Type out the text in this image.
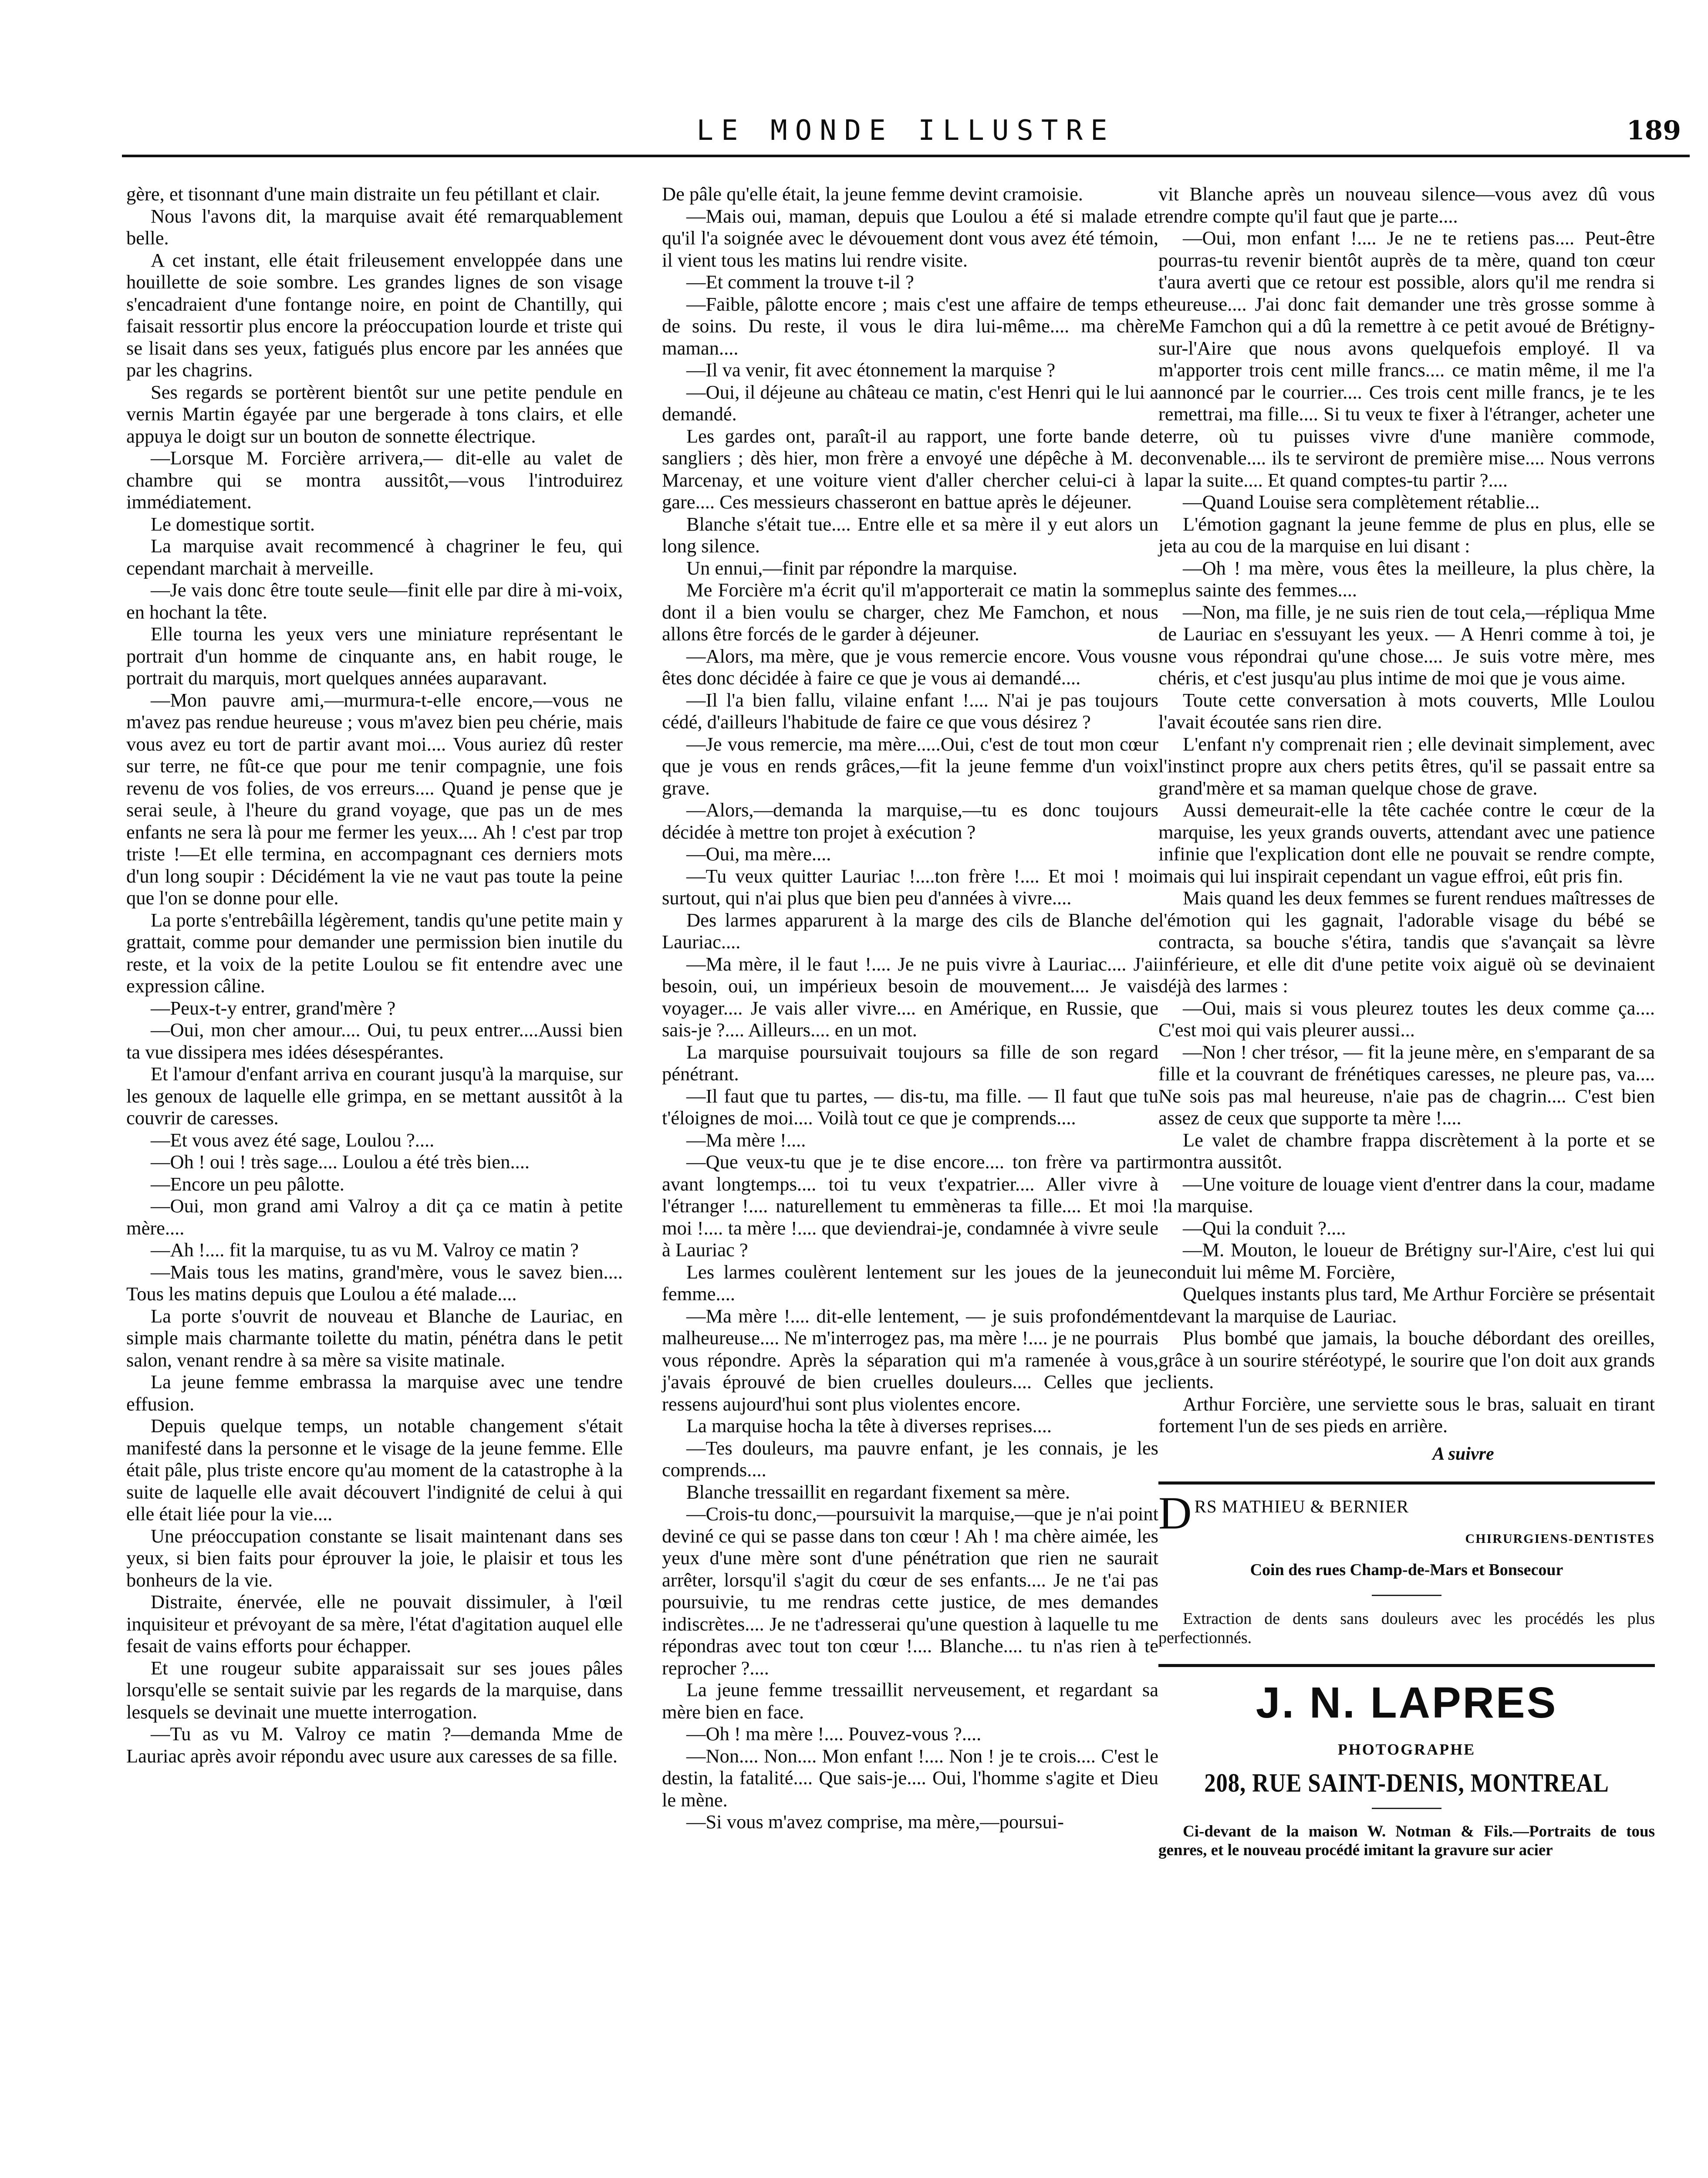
LE MONDE ILLUSTRE	189

gère, et tisonnant d'une main distraite un feu pétillant et clair.

Nous l'avons dit, la marquise avait été remarquablement belle.

A cet instant, elle était frileusement enveloppée dans une houillette de soie sombre. Les grandes lignes de son visage s'encadraient d'une fontange noire, en point de Chantilly, qui faisait ressortir plus encore la préoccupation lourde et triste qui se lisait dans ses yeux, fatigués plus encore par les années que par les chagrins.

Ses regards se portèrent bientôt sur une petite pendule en vernis Martin égayée par une bergerade à tons clairs, et elle appuya le doigt sur un bouton de sonnette électrique.

—Lorsque M. Forcière arrivera,— dit-elle au valet de chambre qui se montra aussitôt,—vous l'introduirez immédiatement.

Le domestique sortit.

La marquise avait recommencé à chagriner le feu, qui cependant marchait à merveille.

—Je vais donc être toute seule—finit elle par dire à mi-voix, en hochant la tête.

Elle tourna les yeux vers une miniature représentant le portrait d'un homme de cinquante ans, en habit rouge, le portrait du marquis, mort quelques années auparavant.

—Mon pauvre ami,—murmura-t-elle encore,—vous ne m'avez pas rendue heureuse ; vous m'avez bien peu chérie, mais vous avez eu tort de partir avant moi.... Vous auriez dû rester sur terre, ne fût-ce que pour me tenir compagnie, une fois revenu de vos folies, de vos erreurs.... Quand je pense que je serai seule, à l'heure du grand voyage, que pas un de mes enfants ne sera là pour me fermer les yeux.... Ah ! c'est par trop triste !—Et elle termina, en accompagnant ces derniers mots d'un long soupir : Décidément la vie ne vaut pas toute la peine que l'on se donne pour elle.

La porte s'entrebâilla légèrement, tandis qu'une petite main y grattait, comme pour demander une permission bien inutile du reste, et la voix de la petite Loulou se fit entendre avec une expression câline.

—Peux-t-y entrer, grand'mère ?

—Oui, mon cher amour.... Oui, tu peux entrer....Aussi bien ta vue dissipera mes idées désespérantes.

Et l'amour d'enfant arriva en courant jusqu'à la marquise, sur les genoux de laquelle elle grimpa, en se mettant aussitôt à la couvrir de caresses.

—Et vous avez été sage, Loulou ?....

—Oh ! oui ! très sage.... Loulou a été très bien....

—Encore un peu pâlotte.

—Oui, mon grand ami Valroy a dit ça ce matin à petite mère....

—Ah !.... fit la marquise, tu as vu M. Valroy ce matin ?

—Mais tous les matins, grand'mère, vous le savez bien.... Tous les matins depuis que Loulou a été malade....

La porte s'ouvrit de nouveau et Blanche de Lauriac, en simple mais charmante toilette du matin, pénétra dans le petit salon, venant rendre à sa mère sa visite matinale.

La jeune femme embrassa la marquise avec une tendre effusion.

Depuis quelque temps, un notable changement s'était manifesté dans la personne et le visage de la jeune femme. Elle était pâle, plus triste encore qu'au moment de la catastrophe à la suite de laquelle elle avait découvert l'indignité de celui à qui elle était liée pour la vie....

Une préoccupation constante se lisait maintenant dans ses yeux, si bien faits pour éprouver la joie, le plaisir et tous les bonheurs de la vie.

Distraite, énervée, elle ne pouvait dissimuler, à l'œil inquisiteur et prévoyant de sa mère, l'état d'agitation auquel elle fesait de vains efforts pour échapper.

Et une rougeur subite apparaissait sur ses joues pâles lorsqu'elle se sentait suivie par les regards de la marquise, dans lesquels se devinait une muette interrogation.

—Tu as vu M. Valroy ce matin ?—demanda Mme de Lauriac après avoir répondu avec usure aux caresses de sa fille.

De pâle qu'elle était, la jeune femme devint cramoisie.

—Mais oui, maman, depuis que Loulou a été si malade et qu'il l'a soignée avec le dévouement dont vous avez été témoin, il vient tous les matins lui rendre visite.

—Et comment la trouve t-il ?

—Faible, pâlotte encore ; mais c'est une affaire de temps et de soins. Du reste, il vous le dira lui-même.... ma chère maman....

—Il va venir, fit avec étonnement la marquise ?

—Oui, il déjeune au château ce matin, c'est Henri qui le lui a demandé.

Les gardes ont, paraît-il au rapport, une forte bande de sangliers ; dès hier, mon frère a envoyé une dépêche à M. de Marcenay, et une voiture vient d'aller chercher celui-ci à la gare.... Ces messieurs chasseront en battue après le déjeuner.

Blanche s'était tue.... Entre elle et sa mère il y eut alors un long silence.

Un ennui,—finit par répondre la marquise.

Me Forcière m'a écrit qu'il m'apporterait ce matin la somme dont il a bien voulu se charger, chez Me Famchon, et nous allons être forcés de le garder à déjeuner.

—Alors, ma mère, que je vous remercie encore. Vous vous êtes donc décidée à faire ce que je vous ai demandé....

—Il l'a bien fallu, vilaine enfant !.... N'ai je pas toujours cédé, d'ailleurs l'habitude de faire ce que vous désirez ?

—Je vous remercie, ma mère.....Oui, c'est de tout mon cœur que je vous en rends grâces,—fit la jeune femme d'un voix grave.

—Alors,—demanda la marquise,—tu es donc toujours décidée à mettre ton projet à exécution ?

—Oui, ma mère....

—Tu veux quitter Lauriac !....ton frère !.... Et moi ! moi surtout, qui n'ai plus que bien peu d'années à vivre....

Des larmes apparurent à la marge des cils de Blanche de Lauriac....

—Ma mère, il le faut !.... Je ne puis vivre à Lauriac.... J'ai besoin, oui, un impérieux besoin de mouvement.... Je vais voyager.... Je vais aller vivre.... en Amérique, en Russie, que sais-je ?.... Ailleurs.... en un mot.

La marquise poursuivait toujours sa fille de son regard pénétrant.

—Il faut que tu partes, — dis-tu, ma fille. — Il faut que tu t'éloignes de moi.... Voilà tout ce que je comprends....

—Ma mère !....

—Que veux-tu que je te dise encore.... ton frère va partir avant longtemps.... toi tu veux t'expatrier.... Aller vivre à l'étranger !.... naturellement tu emmèneras ta fille.... Et moi ! moi !.... ta mère !.... que deviendrai-je, condamnée à vivre seule à Lauriac ?

Les larmes coulèrent lentement sur les joues de la jeune femme....

—Ma mère !.... dit-elle lentement, — je suis profondément malheureuse.... Ne m'interrogez pas, ma mère !.... je ne pourrais vous répondre. Après la séparation qui m'a ramenée à vous, j'avais éprouvé de bien cruelles douleurs.... Celles que je ressens aujourd'hui sont plus violentes encore.

La marquise hocha la tête à diverses reprises....

—Tes douleurs, ma pauvre enfant, je les connais, je les comprends....

Blanche tressaillit en regardant fixement sa mère.

—Crois-tu donc,—poursuivit la marquise,—que je n'ai point deviné ce qui se passe dans ton cœur ! Ah ! ma chère aimée, les yeux d'une mère sont d'une pénétration que rien ne saurait arrêter, lorsqu'il s'agit du cœur de ses enfants.... Je ne t'ai pas poursuivie, tu me rendras cette justice, de mes demandes indiscrètes.... Je ne t'adresserai qu'une question à laquelle tu me répondras avec tout ton cœur !.... Blanche.... tu n'as rien à te reprocher ?....

La jeune femme tressaillit nerveusement, et regardant sa mère bien en face.

—Oh ! ma mère !.... Pouvez-vous ?....

—Non.... Non.... Mon enfant !.... Non ! je te crois.... C'est le destin, la fatalité.... Que sais-je.... Oui, l'homme s'agite et Dieu le mène.

—Si vous m'avez comprise, ma mère,—poursui-

vit Blanche après un nouveau silence—vous avez dû vous rendre compte qu'il faut que je parte....

—Oui, mon enfant !.... Je ne te retiens pas.... Peut-être pourras-tu revenir bientôt auprès de ta mère, quand ton cœur t'aura averti que ce retour est possible, alors qu'il me rendra si heureuse.... J'ai donc fait demander une très grosse somme à Me Famchon qui a dû la remettre à ce petit avoué de Brétigny-sur-l'Aire que nous avons quelquefois employé. Il va m'apporter trois cent mille francs.... ce matin même, il me l'a annoncé par le courrier.... Ces trois cent mille francs, je te les remettrai, ma fille.... Si tu veux te fixer à l'étranger, acheter une terre, où tu puisses vivre d'une manière commode, convenable.... ils te serviront de première mise.... Nous verrons par la suite.... Et quand comptes-tu partir ?....

—Quand Louise sera complètement rétablie...

L'émotion gagnant la jeune femme de plus en plus, elle se jeta au cou de la marquise en lui disant :

—Oh ! ma mère, vous êtes la meilleure, la plus chère, la plus sainte des femmes....

—Non, ma fille, je ne suis rien de tout cela,—répliqua Mme de Lauriac en s'essuyant les yeux. — A Henri comme à toi, je ne vous répondrai qu'une chose.... Je suis votre mère, mes chéris, et c'est jusqu'au plus intime de moi que je vous aime.

Toute cette conversation à mots couverts, Mlle Loulou l'avait écoutée sans rien dire.

L'enfant n'y comprenait rien ; elle devinait simplement, avec l'instinct propre aux chers petits êtres, qu'il se passait entre sa grand'mère et sa maman quelque chose de grave.

Aussi demeurait-elle la tête cachée contre le cœur de la marquise, les yeux grands ouverts, attendant avec une patience infinie que l'explication dont elle ne pouvait se rendre compte, mais qui lui inspirait cependant un vague effroi, eût pris fin.

Mais quand les deux femmes se furent rendues maîtresses de l'émotion qui les gagnait, l'adorable visage du bébé se contracta, sa bouche s'étira, tandis que s'avançait sa lèvre inférieure, et elle dit d'une petite voix aiguë où se devinaient déjà des larmes :

—Oui, mais si vous pleurez toutes les deux comme ça.... C'est moi qui vais pleurer aussi...

—Non ! cher trésor, — fit la jeune mère, en s'emparant de sa fille et la couvrant de frénétiques caresses, ne pleure pas, va.... Ne sois pas mal heureuse, n'aie pas de chagrin.... C'est bien assez de ceux que supporte ta mère !....

Le valet de chambre frappa discrètement à la porte et se montra aussitôt.

—Une voiture de louage vient d'entrer dans la cour, madame la marquise.

—Qui la conduit ?....

—M. Mouton, le loueur de Brétigny sur-l'Aire, c'est lui qui conduit lui même M. Forcière,

Quelques instants plus tard, Me Arthur Forcière se présentait devant la marquise de Lauriac.

Plus bombé que jamais, la bouche débordant des oreilles, grâce à un sourire stéréotypé, le sourire que l'on doit aux grands clients.

Arthur Forcière, une serviette sous le bras, saluait en tirant fortement l'un de ses pieds en arrière.

A suivre
D RS MATHIEU & BERNIER
CHIRURGIENS-DENTISTES
Coin des rues Champ-de-Mars et Bonsecour

Extraction de dents sans douleurs avec les procédés les plus perfectionnés.

J. N. LAPRES
PHOTOGRAPHE
208, RUE SAINT-DENIS, MONTREAL

Ci-devant de la maison W. Notman & Fils.—Portraits de tous genres, et le nouveau procédé imitant la gravure sur acier
